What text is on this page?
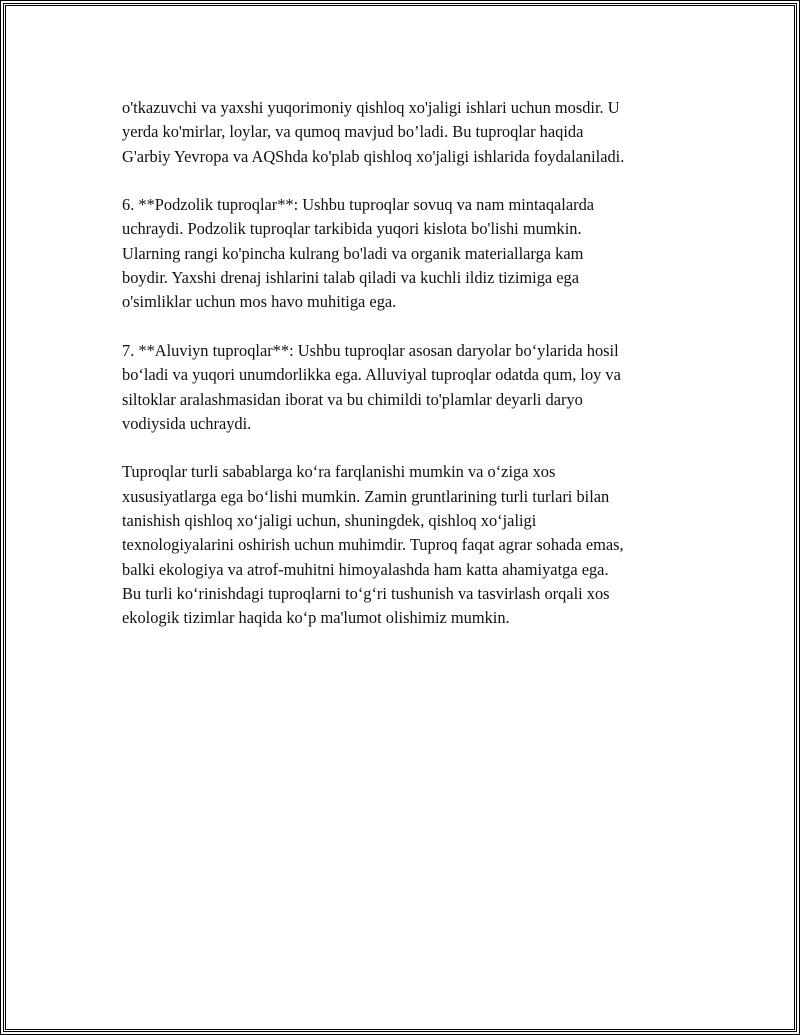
o'tkazuvchi va yaxshi yuqorimoniy qishloq xo'jaligi ishlari uchun mosdir. U
yerda ko'mirlar, loylar, va qumoq mavjud bo’ladi. Bu tuproqlar haqida
G'arbiy Yevropa va AQShda ko'plab qishloq xo'jaligi ishlarida foydalaniladi.

6. **Podzolik tuproqlar**: Ushbu tuproqlar sovuq va nam mintaqalarda
uchraydi. Podzolik tuproqlar tarkibida yuqori kislota bo'lishi mumkin.
Ularning rangi ko'pincha kulrang bo'ladi va organik materiallarga kam
boydir. Yaxshi drenaj ishlarini talab qiladi va kuchli ildiz tizimiga ega
o'simliklar uchun mos havo muhitiga ega.

7. **Aluviyn tuproqlar**: Ushbu tuproqlar asosan daryolar bo‘ylarida hosil
bo‘ladi va yuqori unumdorlikka ega. Alluviyal tuproqlar odatda qum, loy va
siltoklar aralashmasidan iborat va bu chimildi to'plamlar deyarli daryo
vodiysida uchraydi.

Tuproqlar turli sabablarga ko‘ra farqlanishi mumkin va o‘ziga xos
xususiyatlarga ega bo‘lishi mumkin. Zamin gruntlarining turli turlari bilan
tanishish qishloq xo‘jaligi uchun, shuningdek, qishloq xo‘jaligi
texnologiyalarini oshirish uchun muhimdir. Tuproq faqat agrar sohada emas,
balki ekologiya va atrof-muhitni himoyalashda ham katta ahamiyatga ega.
Bu turli ko‘rinishdagi tuproqlarni to‘g‘ri tushunish va tasvirlash orqali xos
ekologik tizimlar haqida ko‘p ma'lumot olishimiz mumkin.
